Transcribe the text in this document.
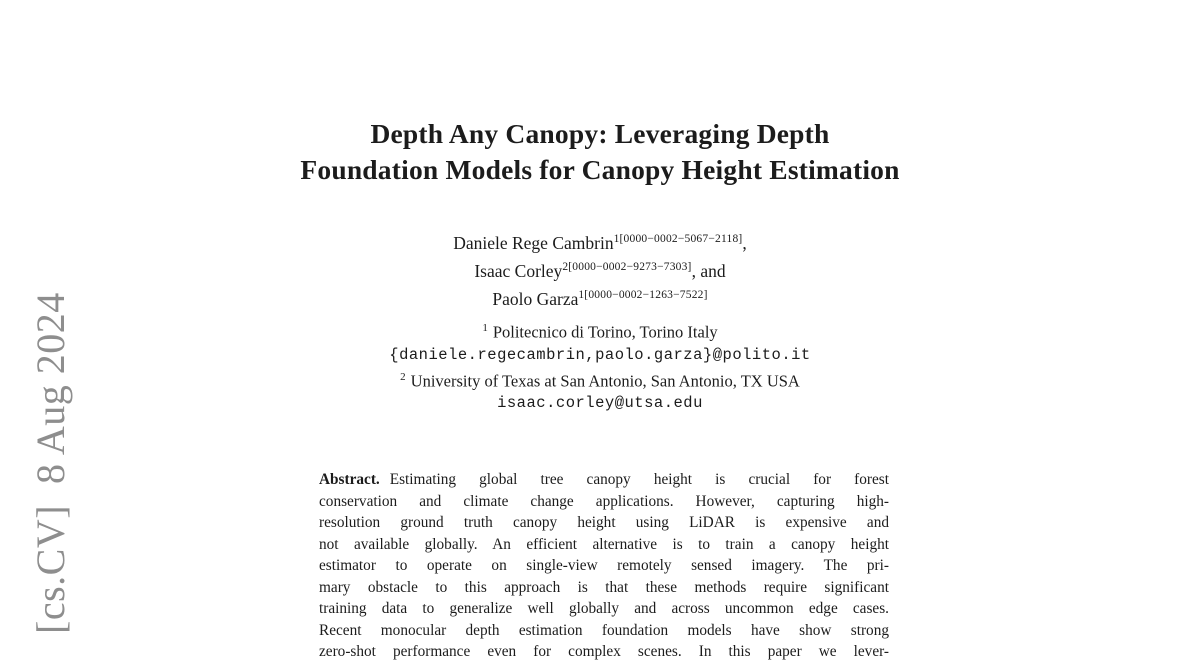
[cs.CV]  8 Aug 2024
Depth Any Canopy: Leveraging Depth
Foundation Models for Canopy Height Estimation
Daniele Rege Cambrin$^{1[0000-0002-5067-2118]}$,
Isaac Corley$^{2[0000-0002-9273-7303]}$, and
Paolo Garza$^{1[0000-0002-1263-7522]}$
$^1$ Politecnico di Torino, Torino Italy
{daniele.regecambrin,paolo.garza}@polito.it
$^2$ University of Texas at San Antonio, San Antonio, TX USA
isaac.corley@utsa.edu
Abstract. Estimating global tree canopy height is crucial for forest
conservation and climate change applications. However, capturing high-
resolution ground truth canopy height using LiDAR is expensive and
not available globally. An efficient alternative is to train a canopy height
estimator to operate on single-view remotely sensed imagery. The pri-
mary obstacle to this approach is that these methods require significant
training data to generalize well globally and across uncommon edge cases.
Recent monocular depth estimation foundation models have show strong
zero-shot performance even for complex scenes. In this paper we lever-
